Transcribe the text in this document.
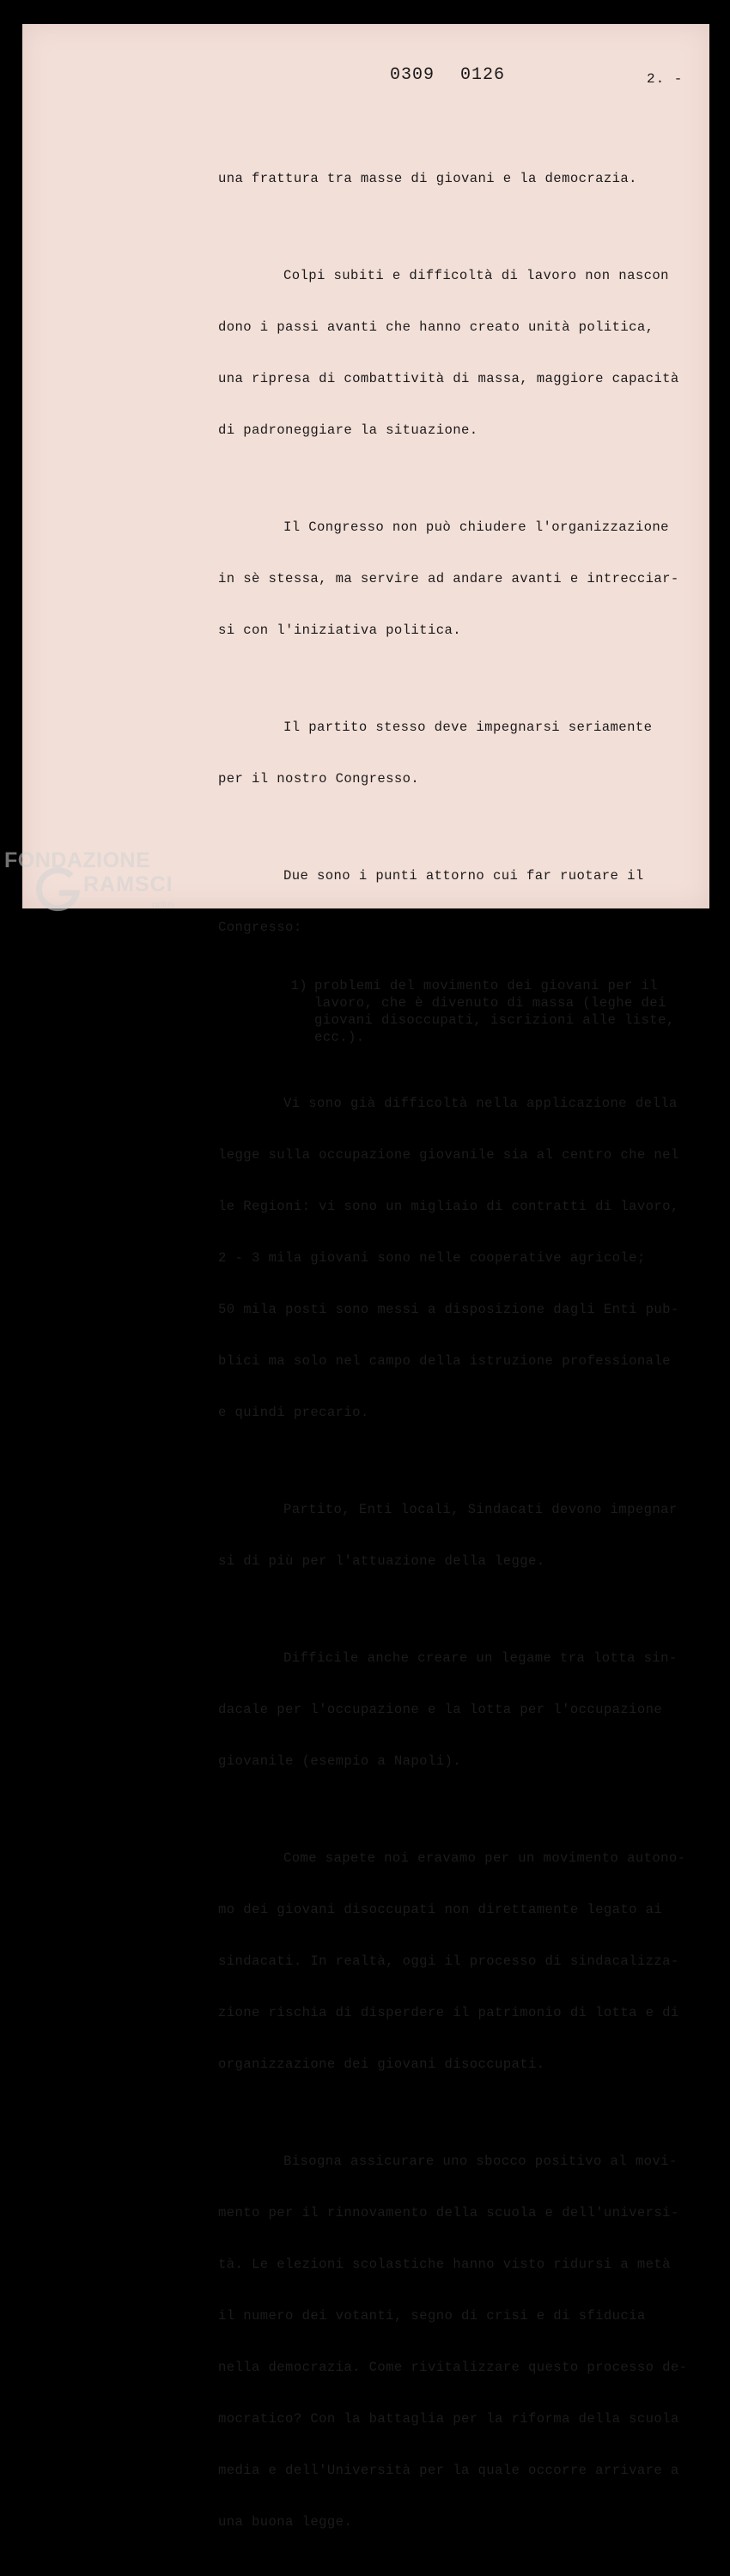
0309 0126	2. -

una frattura tra masse di giovani e la democrazia.

Colpi subiti e difficoltà di lavoro non nascon

dono i passi avanti che hanno creato unità politica,

una ripresa di combattività di massa, maggiore capacità

di padroneggiare la situazione.

Il Congresso non può chiudere l'organizzazione

in sè stessa, ma servire ad andare avanti e intrecciar-

si con l'iniziativa politica.

Il partito stesso deve impegnarsi seriamente

per il nostro Congresso.

Due sono i punti attorno cui far ruotare il

Congresso:

1) problemi del movimento dei giovani per il
lavoro, che è divenuto di massa (leghe dei
giovani disoccupati, iscrizioni alle liste,
ecc.).

Vi sono già difficoltà nella applicazione della

legge sulla occupazione giovanile sia al centro che nel

le Regioni: vi sono un migliaio di contratti di lavoro,

2 - 3 mila giovani sono nelle cooperative agricole;

50 mila posti sono messi a disposizione dagli Enti pub-

blici ma solo nel campo della istruzione professionale

e quindi precario.

Partito, Enti locali, Sindacati devono impegnar

si di più per l'attuazione della legge.

Difficile anche creare un legame tra lotta sin-

dacale per l'occupazione e la lotta per l'occupazione

giovanile (esempio a Napoli).

Come sapete noi eravamo per un movimento autono-

mo dei giovani disoccupati non direttamente legato ai

sindacati. In realtà, oggi il processo di sindacalizza-

zione rischia di disperdere il patrimonio di lotta e di

organizzazione dei giovani disoccupati.

Bisogna assicurare uno sbocco positivo al movi-

mento per il rinnovamento della scuola e dell'universi-

tà. Le elezioni scolastiche hanno visto ridursi a metà

il numero dei votanti, segno di crisi e di sfiducia

nella democrazia. Come rivitalizzare questo processo de-

mocratico? Con la battaglia per la riforma della scuola

media e dell'Università per la quale occorre arrivare a

una buona legge.

FONDAZIONE
RAMSCI
onlus
